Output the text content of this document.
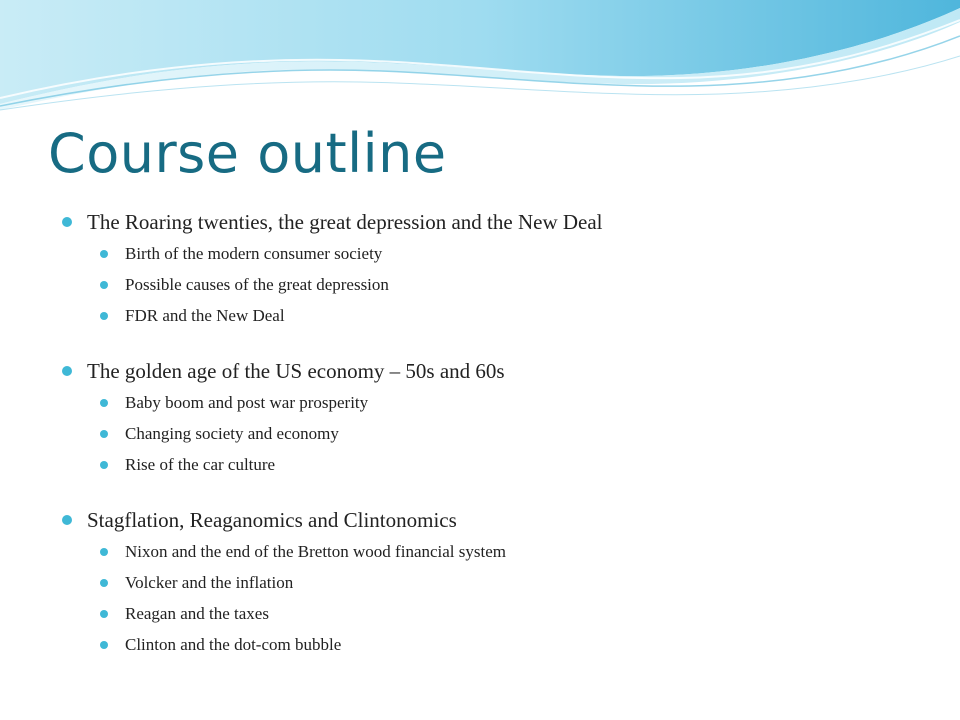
Course outline
The Roaring twenties, the great depression and the New Deal
Birth of the modern consumer society
Possible causes of the great depression
FDR and the New Deal
The golden age of the US economy – 50s and 60s
Baby boom and post war prosperity
Changing society and economy
Rise of the car culture
Stagflation, Reaganomics and Clintonomics
Nixon and the end of the Bretton wood financial system
Volcker and the inflation
Reagan and the taxes
Clinton and the dot-com bubble
